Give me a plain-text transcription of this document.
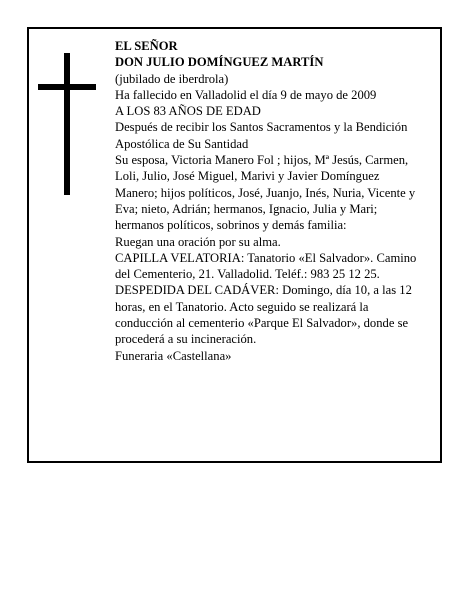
EL SEÑOR

DON JULIO DOMÍNGUEZ MARTÍN

(jubilado de iberdrola)

Ha fallecido en Valladolid el día 9 de mayo de 2009

A LOS 83 AÑOS DE EDAD

Después de recibir los Santos Sacramentos y la Bendición Apostólica de Su Santidad

Su esposa, Victoria Manero Fol ; hijos, Mª Jesús, Carmen, Loli, Julio, José Miguel, Marivi y Javier Domínguez Manero; hijos políticos, José, Juanjo, Inés, Nuria, Vicente y Eva; nieto, Adrián; hermanos, Ignacio, Julia y Mari; hermanos políticos, sobrinos y demás familia:

Ruegan una oración por su alma.

CAPILLA VELATORIA: Tanatorio «El Salvador». Camino del Cementerio, 21. Valladolid. Teléf.: 983 25 12 25.

DESPEDIDA DEL CADÁVER: Domingo, día 10, a las 12 horas, en el Tanatorio. Acto seguido se realizará la conducción al cementerio «Parque El Salvador», donde se procederá a su incineración.

Funeraria «Castellana»
